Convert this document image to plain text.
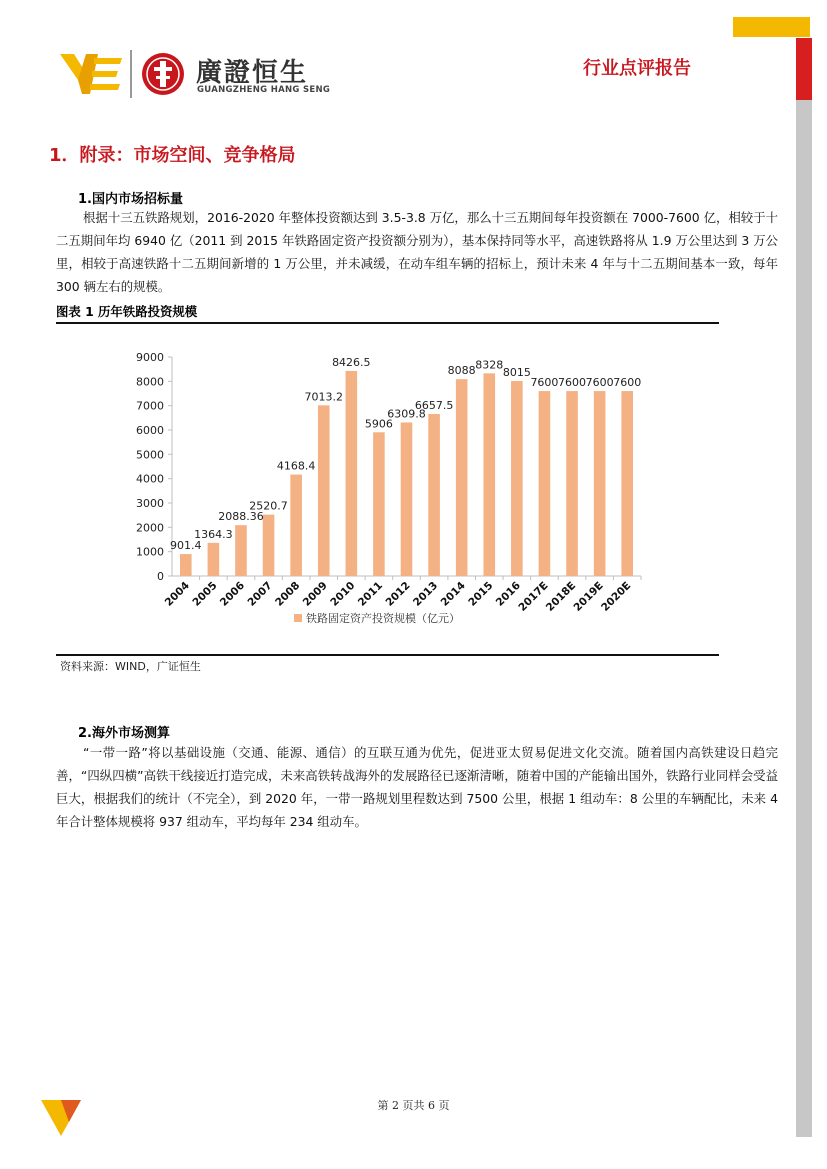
廣證恒生
GUANGZHENG HANG SENG
行业点评报告
1．附录：市场空间、竞争格局
1.国内市场招标量

根据十三五铁路规划，2016-2020 年整体投资额达到 3.5-3.8 万亿，那么十三五期间每年投资额在 7000-7600 亿，相较于十二五期间年均 6940 亿（2011 到 2015 年铁路固定资产投资额分别为），基本保持同等水平，高速铁路将从 1.9 万公里达到 3 万公里，相较于高速铁路十二五期间新增的 1 万公里，并未减缓，在动车组车辆的招标上，预计未来 4 年与十二五期间基本一致，每年 300 辆左右的规模。

图表 1 历年铁路投资规模
901.4
1364.3
2088.36
2520.7
4168.4
7013.2
8426.5
5906
6309.8
6657.5
8088 8328
8015
7600 7600 7600 7600
0
1000
2000
3000
4000
5000
6000
7000
8000
9000
2004
2005
2006
2007
2008
2009
2010
2011
2012
2013
2014
2015
2016
2017E
2018E
2019E
2020E
铁路固定资产投资规模（亿元）
资料来源：WIND，广证恒生
2.海外市场测算

“一带一路”将以基础设施（交通、能源、通信）的互联互通为优先，促进亚太贸易促进文化交流。随着国内高铁建设日趋完善，“四纵四横”高铁干线接近打造完成，未来高铁转战海外的发展路径已逐渐清晰，随着中国的产能输出国外，铁路行业同样会受益巨大，根据我们的统计（不完全），到 2020 年，一带一路规划里程数达到 7500 公里，根据 1 组动车：8 公里的车辆配比，未来 4 年合计整体规模将 937 组动车，平均每年 234 组动车。

第 2 页共 6 页
